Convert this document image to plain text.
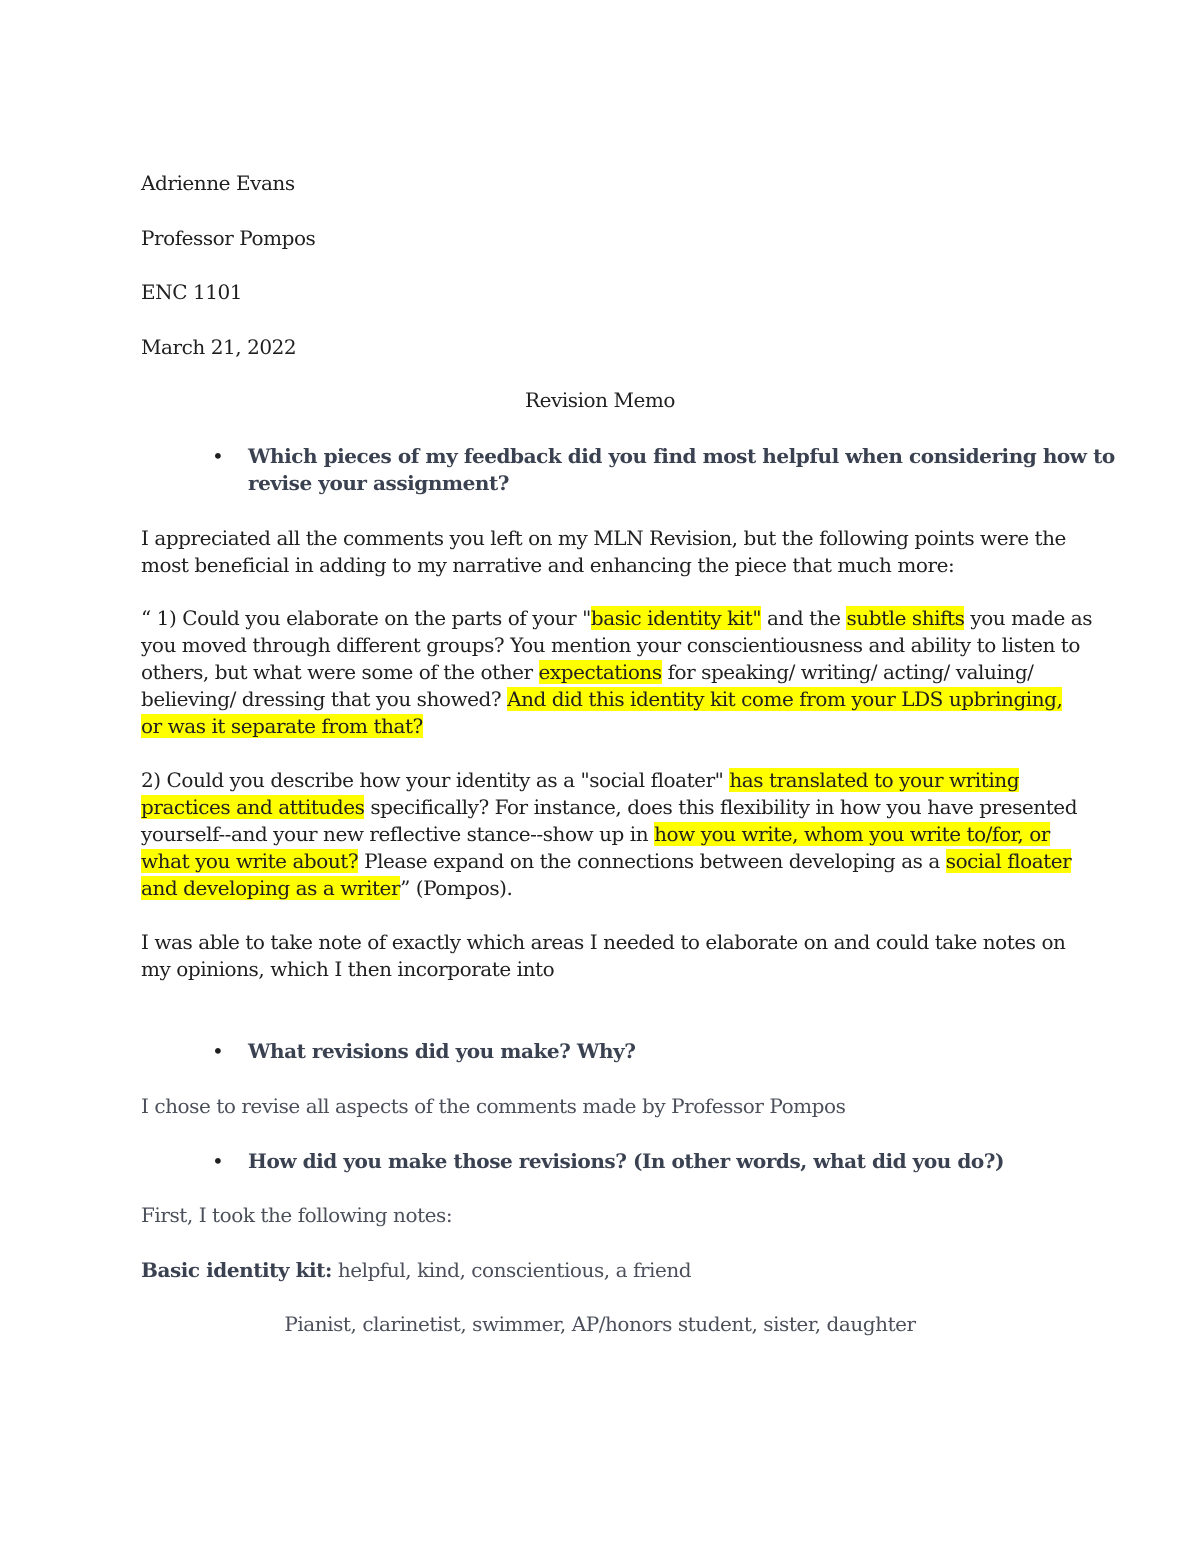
Adrienne Evans
Professor Pompos
ENC 1101
March 21, 2022
Revision Memo
• Which pieces of my feedback did you find most helpful when considering how to
revise your assignment?
I appreciated all the comments you left on my MLN Revision, but the following points were the
most beneficial in adding to my narrative and enhancing the piece that much more:
“ 1) Could you elaborate on the parts of your "basic identity kit" and the subtle shifts you made as
you moved through different groups? You mention your conscientiousness and ability to listen to
others, but what were some of the other expectations for speaking/ writing/ acting/ valuing/
believing/ dressing that you showed? And did this identity kit come from your LDS upbringing,
or was it separate from that?
2) Could you describe how your identity as a "social floater" has translated to your writing
practices and attitudes specifically? For instance, does this flexibility in how you have presented
yourself--and your new reflective stance--show up in how you write, whom you write to/for, or
what you write about? Please expand on the connections between developing as a social floater
and developing as a writer” (Pompos).
I was able to take note of exactly which areas I needed to elaborate on and could take notes on
my opinions, which I then incorporate into
• What revisions did you make? Why?
I chose to revise all aspects of the comments made by Professor Pompos
• How did you make those revisions? (In other words, what did you do?)
First, I took the following notes:
Basic identity kit: helpful, kind, conscientious, a friend
Pianist, clarinetist, swimmer, AP/honors student, sister, daughter
